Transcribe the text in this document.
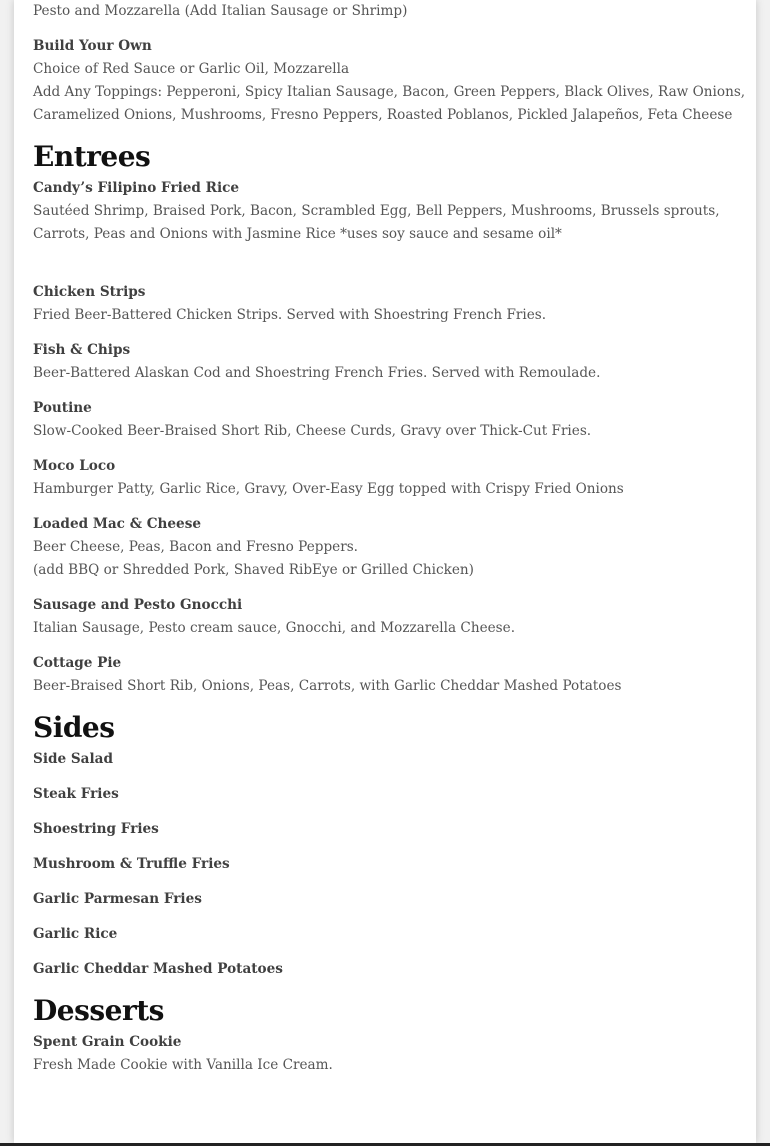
Pesto and Mozzarella (Add Italian Sausage or Shrimp)
Build Your Own
Choice of Red Sauce or Garlic Oil, Mozzarella
Add Any Toppings: Pepperoni, Spicy Italian Sausage, Bacon, Green Peppers, Black Olives, Raw Onions,
Caramelized Onions, Mushrooms, Fresno Peppers, Roasted Poblanos, Pickled Jalapeños, Feta Cheese
Entrees
Candy’s Filipino Fried Rice
Sautéed Shrimp, Braised Pork, Bacon, Scrambled Egg, Bell Peppers, Mushrooms, Brussels sprouts,
Carrots, Peas and Onions with Jasmine Rice *uses soy sauce and sesame oil*
Chicken Strips
Fried Beer-Battered Chicken Strips. Served with Shoestring French Fries.
Fish & Chips
Beer-Battered Alaskan Cod and Shoestring French Fries. Served with Remoulade.
Poutine
Slow-Cooked Beer-Braised Short Rib, Cheese Curds, Gravy over Thick-Cut Fries.
Moco Loco
Hamburger Patty, Garlic Rice, Gravy, Over-Easy Egg topped with Crispy Fried Onions
Loaded Mac & Cheese
Beer Cheese, Peas, Bacon and Fresno Peppers.
(add BBQ or Shredded Pork, Shaved RibEye or Grilled Chicken)
Sausage and Pesto Gnocchi
Italian Sausage, Pesto cream sauce, Gnocchi, and Mozzarella Cheese.
Cottage Pie
Beer-Braised Short Rib, Onions, Peas, Carrots, with Garlic Cheddar Mashed Potatoes
Sides
Side Salad
Steak Fries
Shoestring Fries
Mushroom & Truffle Fries
Garlic Parmesan Fries
Garlic Rice
Garlic Cheddar Mashed Potatoes
Desserts
Spent Grain Cookie
Fresh Made Cookie with Vanilla Ice Cream.
